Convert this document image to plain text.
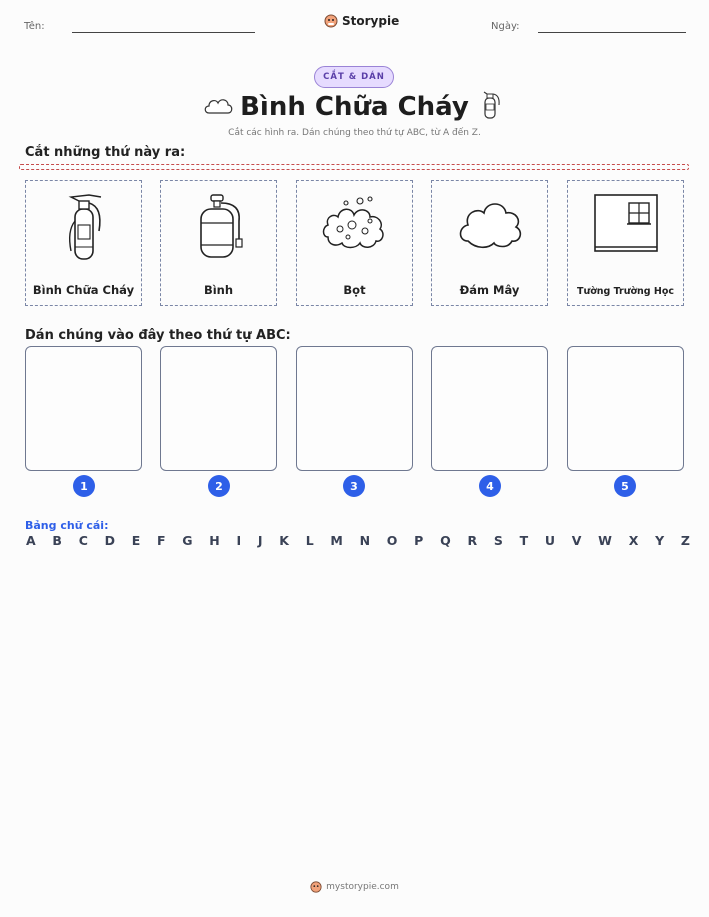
Tên:	Storypie	Ngày:
CẮT & DÁN
Bình Chữa Cháy
Cắt các hình ra. Dán chúng theo thứ tự ABC, từ A đến Z.
Cắt những thứ này ra:
Bình Chữa Cháy	Bình	Bọt	Đám Mây	Tường Trường Học
Dán chúng vào đây theo thứ tự ABC:
1	2	3	4	5
Bảng chữ cái:
A B C D E F G H I J K L M N O P Q R S T U V W X Y Z
mystorypie.com
